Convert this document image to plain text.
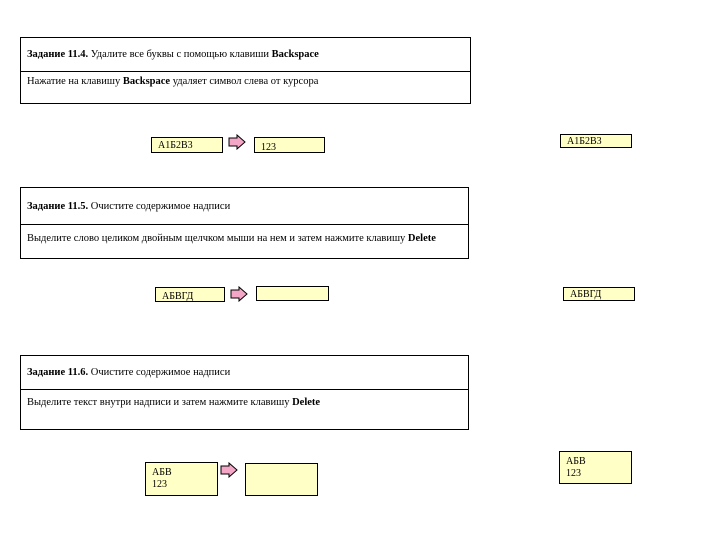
Задание 11.4. Удалите все буквы с помощью клавиши Backspace
Нажатие на клавишу Backspace удаляет символ слева от курсора
А1Б2В3	123
А1Б2В3
Задание 11.5. Очистите содержимое надписи
Выделите слово целиком двойным щелчком мыши на нем и затем нажмите клавишу Delete
АБВГД	АБВГД
Задание 11.6. Очистите содержимое надписи
Выделите текст внутри надписи и затем нажмите клавишу Delete
АБВ
123
АБВ
123
